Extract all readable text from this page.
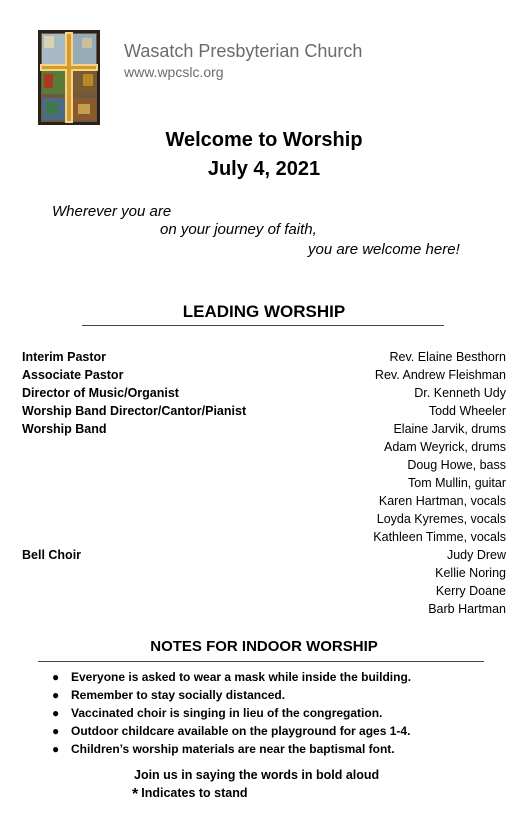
Wasatch Presbyterian Church
www.wpcslc.org
Welcome to Worship
July 4, 2021
Wherever you are
on your journey of faith,
you are welcome here!
LEADING WORSHIP
Interim Pastor	Rev. Elaine Besthorn
Associate Pastor	Rev. Andrew Fleishman
Director of Music/Organist	Dr. Kenneth Udy
Worship Band Director/Cantor/Pianist	Todd Wheeler
Worship Band	Elaine Jarvik, drums
Adam Weyrick, drums
Doug Howe, bass
Tom Mullin, guitar
Karen Hartman, vocals
Loyda Kyremes, vocals
Kathleen Timme, vocals
Bell Choir	Judy Drew
Kellie Noring
Kerry Doane
Barb Hartman
NOTES FOR INDOOR WORSHIP
● Everyone is asked to wear a mask while inside the building.
● Remember to stay socially distanced.
● Vaccinated choir is singing in lieu of the congregation.
● Outdoor childcare available on the playground for ages 1-4.
● Children’s worship materials are near the baptismal font.
Join us in saying the words in bold aloud
* Indicates to stand
